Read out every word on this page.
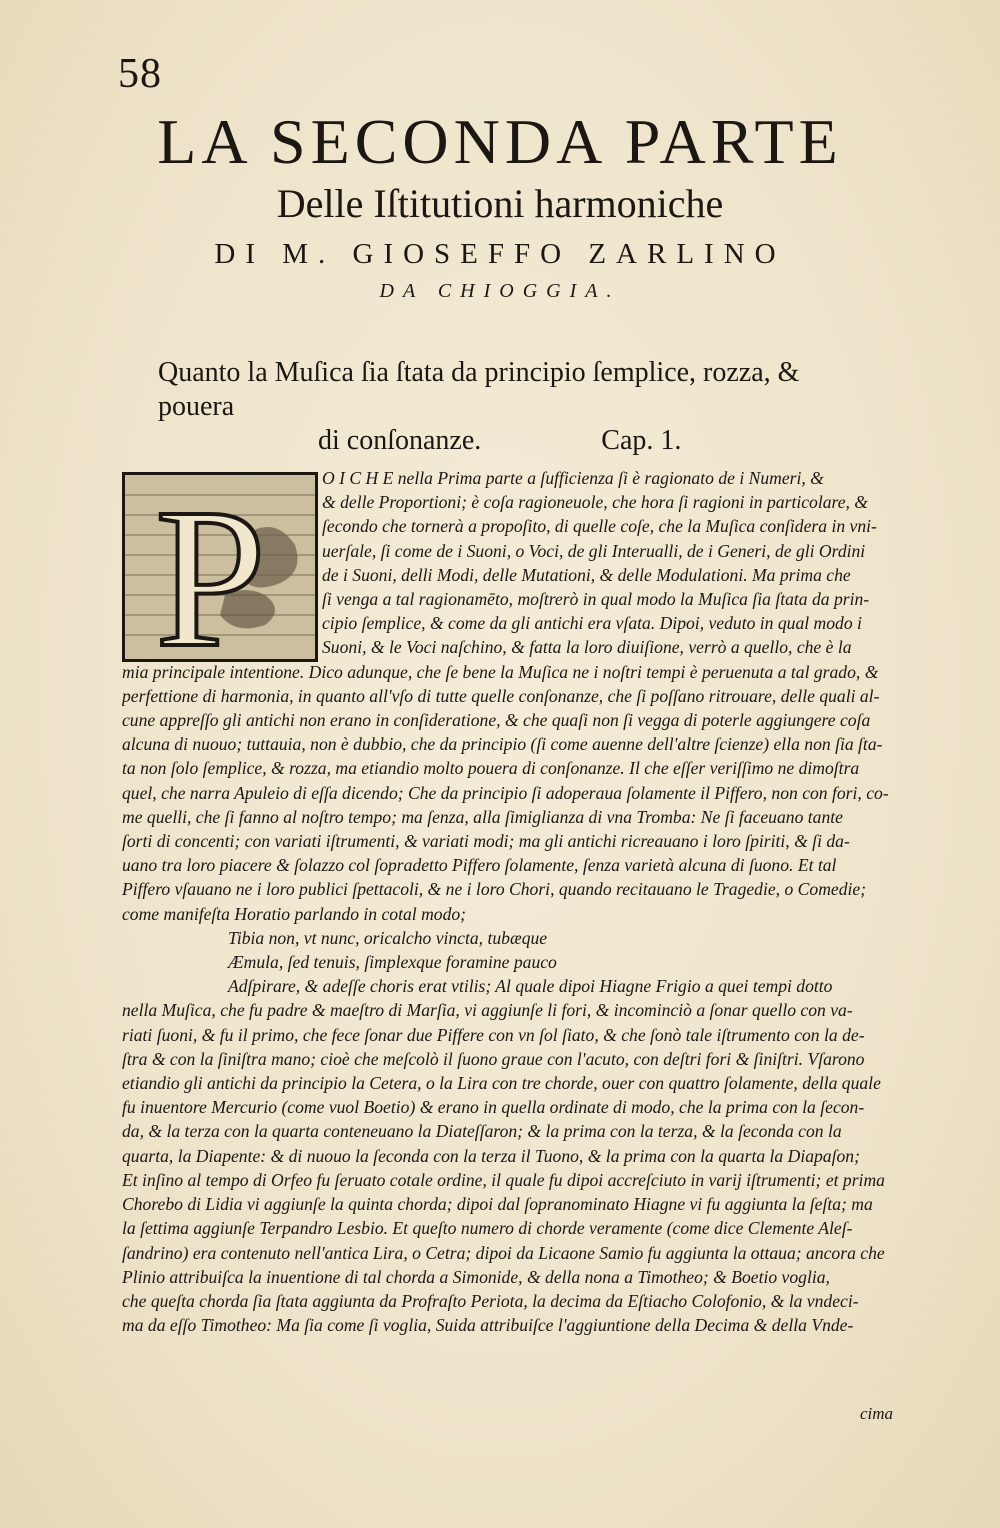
58
LA SECONDA PARTE
Delle Iſtitutioni harmoniche
DI M. GIOSEFFO ZARLINO
DA CHIOGGIA.
Quanto la Muſica ſia ſtata da principio ſemplice, rozza, & pouera
di conſonanze.	Cap. 1.
P	O I C H E nella Prima parte a ſufficienza ſi è ragionato de i Numeri, &
& delle Proportioni; è coſa ragioneuole, che hora ſi ragioni in particolare, &
ſecondo che tornerà a propoſito, di quelle coſe, che la Muſica conſidera in vni-
uerſale, ſi come de i Suoni, o Voci, de gli Interualli, de i Generi, de gli Ordini
de i Suoni, delli Modi, delle Mutationi, & delle Modulationi. Ma prima che
ſi venga a tal ragionamēto, moſtrerò in qual modo la Muſica ſia ſtata da prin-
cipio ſemplice, & come da gli antichi era vſata. Dipoi, veduto in qual modo i
Suoni, & le Voci naſchino, & fatta la loro diuiſione, verrò a quello, che è la
mia principale intentione. Dico adunque, che ſe bene la Muſica ne i noſtri tempi è peruenuta a tal grado, &
perfettione di harmonia, in quanto all'vſo di tutte quelle conſonanze, che ſi poſſano ritrouare, delle quali al-
cune appreſſo gli antichi non erano in conſideratione, & che quaſi non ſi vegga di poterle aggiungere coſa
alcuna di nuouo; tuttauia, non è dubbio, che da principio (ſi come auenne dell'altre ſcienze) ella non ſia ſta-
ta non ſolo ſemplice, & rozza, ma etiandio molto pouera di conſonanze. Il che eſſer veriſſimo ne dimoſtra
quel, che narra Apuleio di eſſa dicendo; Che da principio ſi adoperaua ſolamente il Piffero, non con fori, co-
me quelli, che ſi fanno al noſtro tempo; ma ſenza, alla ſimiglianza di vna Tromba: Ne ſi faceuano tante
ſorti di concenti; con variati iſtrumenti, & variati modi; ma gli antichi ricreauano i loro ſpiriti, & ſi da-
uano tra loro piacere & ſolazzo col ſopradetto Piffero ſolamente, ſenza varietà alcuna di ſuono. Et tal
Piffero vſauano ne i loro publici ſpettacoli, & ne i loro Chori, quando recitauano le Tragedie, o Comedie;
come manifeſta Horatio parlando in cotal modo;
Tibia non, vt nunc, oricalcho vincta, tubæque
Æmula, ſed tenuis, ſimplexque foramine pauco
Adſpirare, & adeſſe choris erat vtilis; Al quale dipoi Hiagne Frigio a quei tempi dotto
nella Muſica, che fu padre & maeſtro di Marſia, vi aggiunſe li fori, & incominciò a ſonar quello con va-
riati ſuoni, & fu il primo, che fece ſonar due Piffere con vn ſol ſiato, & che ſonò tale iſtrumento con la de-
ſtra & con la ſiniſtra mano; cioè che meſcolò il ſuono graue con l'acuto, con deſtri fori & ſiniſtri. Vſarono
etiandio gli antichi da principio la Cetera, o la Lira con tre chorde, ouer con quattro ſolamente, della quale
fu inuentore Mercurio (come vuol Boetio) & erano in quella ordinate di modo, che la prima con la ſecon-
da, & la terza con la quarta conteneuano la Diateſſaron; & la prima con la terza, & la ſeconda con la
quarta, la Diapente: & di nuouo la ſeconda con la terza il Tuono, & la prima con la quarta la Diapaſon;
Et inſino al tempo di Orfeo fu ſeruato cotale ordine, il quale fu dipoi accreſciuto in varij iſtrumenti; et prima
Chorebo di Lidia vi aggiunſe la quinta chorda; dipoi dal ſopranominato Hiagne vi fu aggiunta la ſeſta; ma
la ſettima aggiunſe Terpandro Lesbio. Et queſto numero di chorde veramente (come dice Clemente Aleſ-
ſandrino) era contenuto nell'antica Lira, o Cetra; dipoi da Licaone Samio fu aggiunta la ottaua; ancora che
Plinio attribuiſca la inuentione di tal chorda a Simonide, & della nona a Timotheo; & Boetio voglia,
che queſta chorda ſia ſtata aggiunta da Profraſto Periota, la decima da Eſtiacho Colofonio, & la vndeci-
ma da eſſo Timotheo: Ma ſia come ſi voglia, Suida attribuiſce l'aggiuntione della Decima & della Vnde-
cima
